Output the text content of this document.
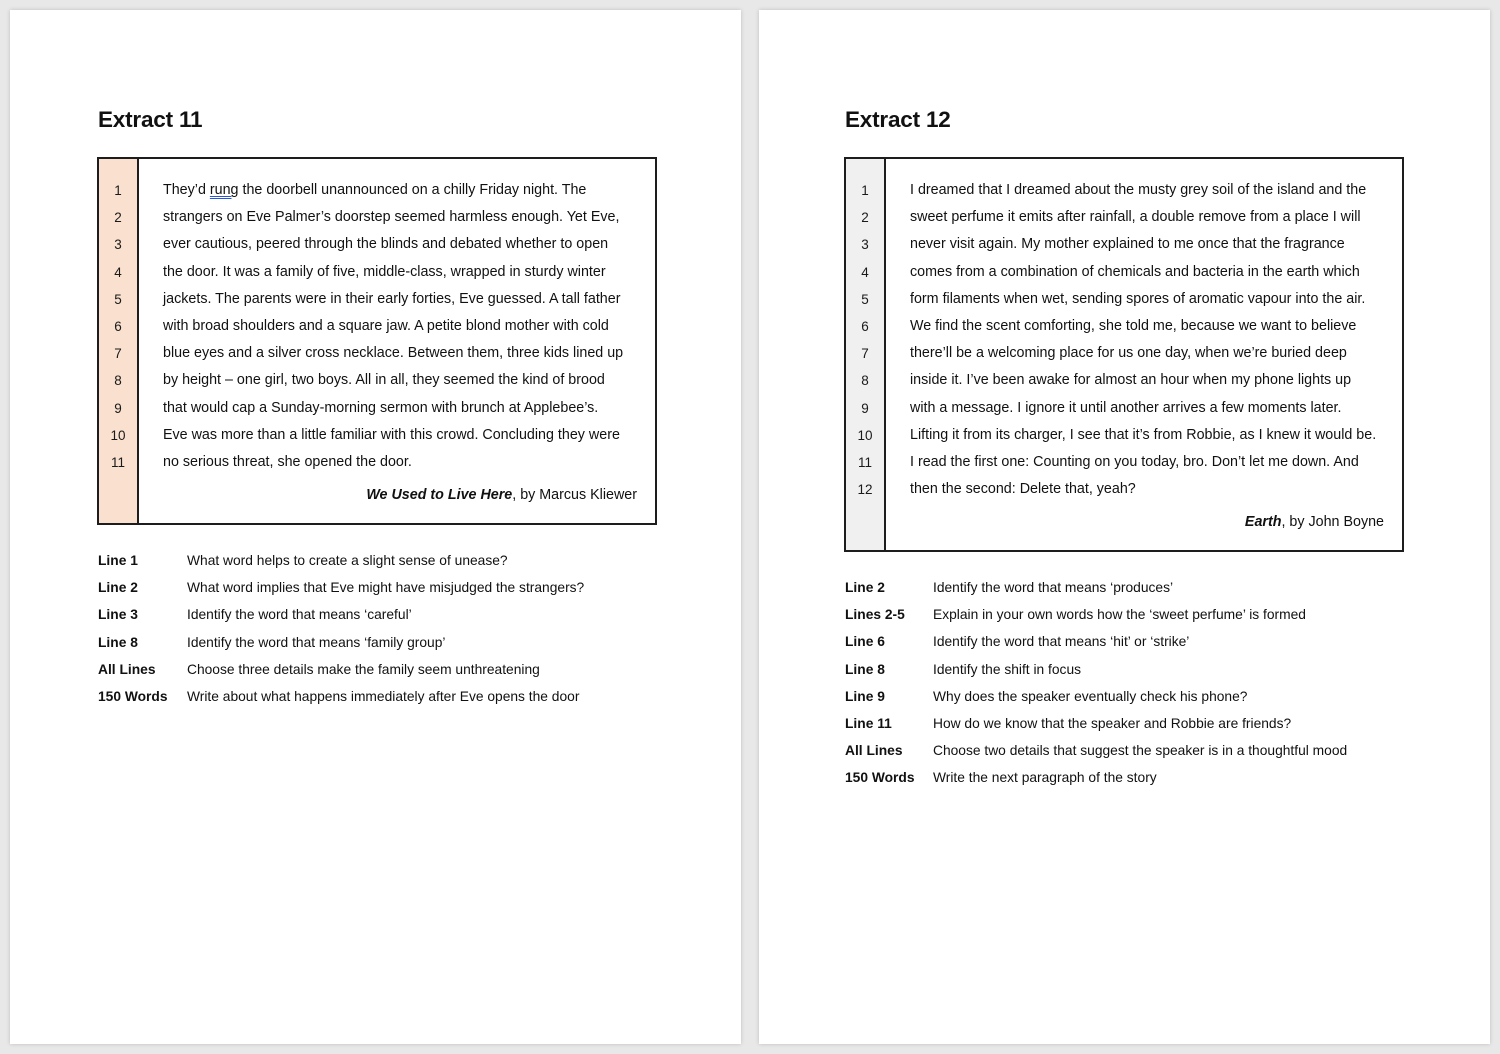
Extract 11
1
2
3
4
5
6
7
8
9
10
11
They’d rung the doorbell unannounced on a chilly Friday night. The
strangers on Eve Palmer’s doorstep seemed harmless enough. Yet Eve,
ever cautious, peered through the blinds and debated whether to open
the door. It was a family of five, middle-class, wrapped in sturdy winter
jackets. The parents were in their early forties, Eve guessed. A tall father
with broad shoulders and a square jaw. A petite blond mother with cold
blue eyes and a silver cross necklace. Between them, three kids lined up
by height – one girl, two boys. All in all, they seemed the kind of brood
that would cap a Sunday-morning sermon with brunch at Applebee’s.
Eve was more than a little familiar with this crowd. Concluding they were
no serious threat, she opened the door.
We Used to Live Here, by Marcus Kliewer
Line 1	What word helps to create a slight sense of unease?
Line 2	What word implies that Eve might have misjudged the strangers?
Line 3	Identify the word that means ‘careful’
Line 8	Identify the word that means ‘family group’
All Lines	Choose three details make the family seem unthreatening
150 Words	Write about what happens immediately after Eve opens the door
Extract 12
1
2
3
4
5
6
7
8
9
10
11
12
I dreamed that I dreamed about the musty grey soil of the island and the
sweet perfume it emits after rainfall, a double remove from a place I will
never visit again. My mother explained to me once that the fragrance
comes from a combination of chemicals and bacteria in the earth which
form filaments when wet, sending spores of aromatic vapour into the air.
We find the scent comforting, she told me, because we want to believe
there’ll be a welcoming place for us one day, when we’re buried deep
inside it. I’ve been awake for almost an hour when my phone lights up
with a message. I ignore it until another arrives a few moments later.
Lifting it from its charger, I see that it’s from Robbie, as I knew it would be.
I read the first one: Counting on you today, bro. Don’t let me down. And
then the second: Delete that, yeah?
Earth, by John Boyne
Line 2	Identify the word that means ‘produces’
Lines 2-5	Explain in your own words how the ‘sweet perfume’ is formed
Line 6	Identify the word that means ‘hit’ or ‘strike’
Line 8	Identify the shift in focus
Line 9	Why does the speaker eventually check his phone?
Line 11	How do we know that the speaker and Robbie are friends?
All Lines	Choose two details that suggest the speaker is in a thoughtful mood
150 Words	Write the next paragraph of the story
